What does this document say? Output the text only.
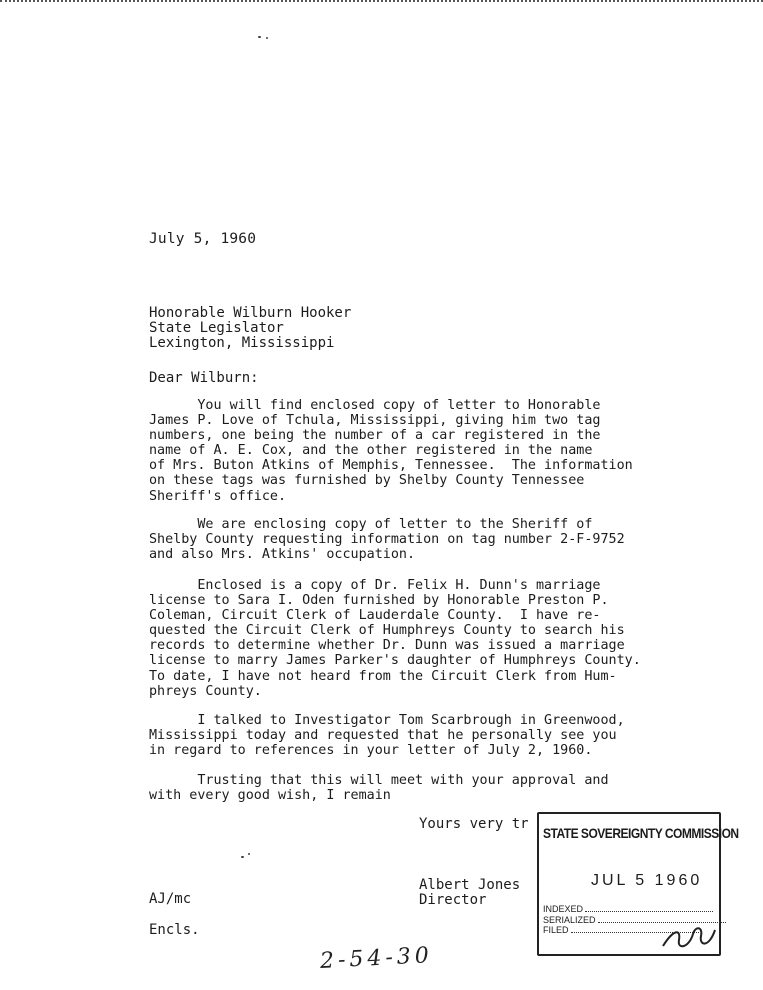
July 5, 1960
Honorable Wilburn Hooker
State Legislator
Lexington, Mississippi
Dear Wilburn:
You will find enclosed copy of letter to Honorable
James P. Love of Tchula, Mississippi, giving him two tag
numbers, one being the number of a car registered in the
name of A. E. Cox, and the other registered in the name
of Mrs. Buton Atkins of Memphis, Tennessee.  The information
on these tags was furnished by Shelby County Tennessee
Sheriff's office.
We are enclosing copy of letter to the Sheriff of
Shelby County requesting information on tag number 2-F-9752
and also Mrs. Atkins' occupation.
Enclosed is a copy of Dr. Felix H. Dunn's marriage
license to Sara I. Oden furnished by Honorable Preston P.
Coleman, Circuit Clerk of Lauderdale County.  I have re-
quested the Circuit Clerk of Humphreys County to search his
records to determine whether Dr. Dunn was issued a marriage
license to marry James Parker's daughter of Humphreys County.
To date, I have not heard from the Circuit Clerk from Hum-
phreys County.
I talked to Investigator Tom Scarbrough in Greenwood,
Mississippi today and requested that he personally see you
in regard to references in your letter of July 2, 1960.
Trusting that this will meet with your approval and
with every good wish, I remain
Yours very tr
Albert Jones
Director
AJ/mc
Encls.
2-54-30
STATE SOVEREIGNTY COMMISSION
JUL 5 1960
INDEXED
SERIALIZED
FILED
